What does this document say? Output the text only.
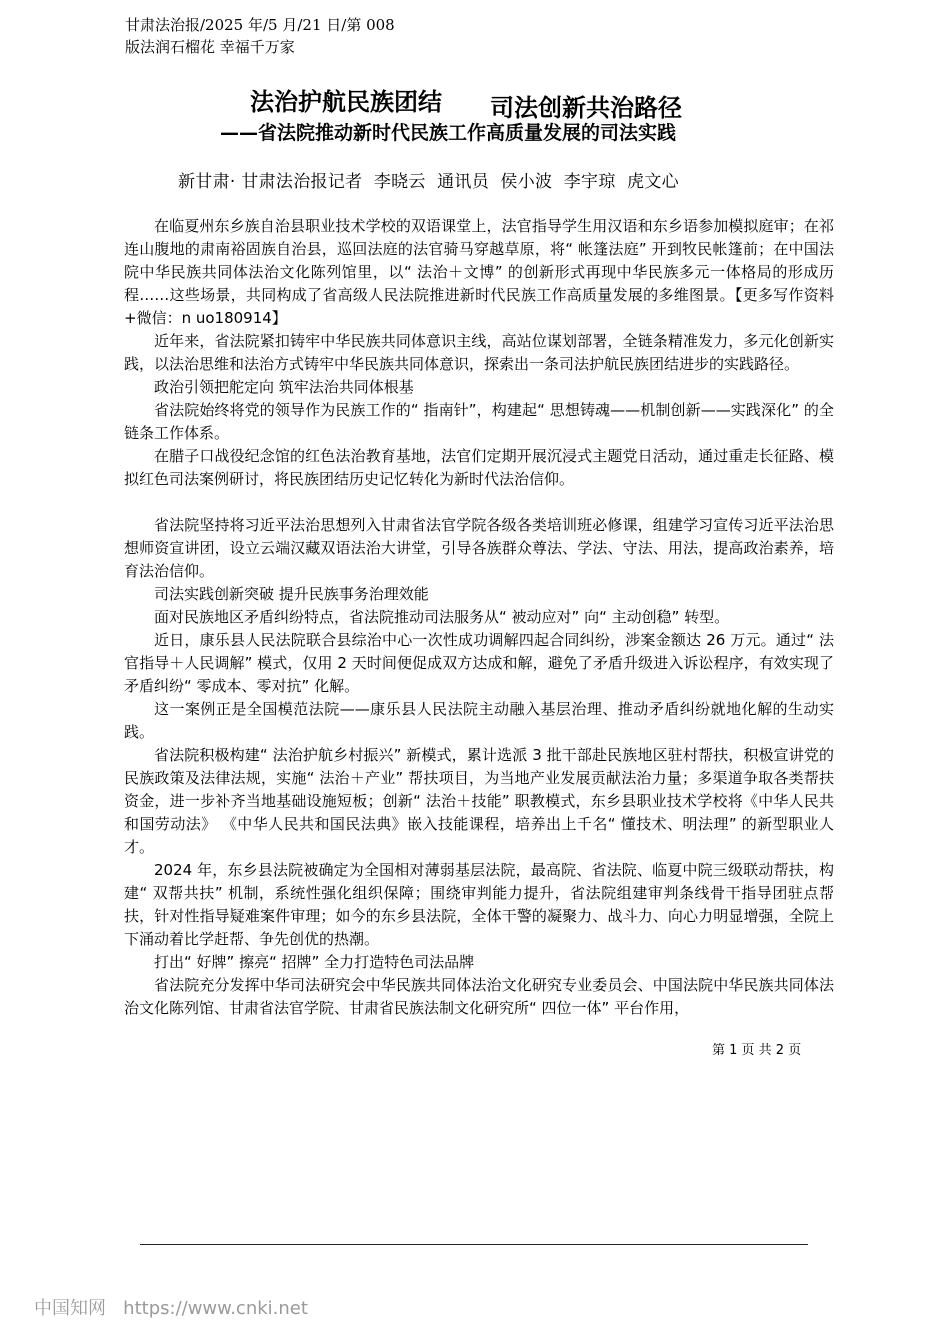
甘肃法治报/2025 年/5 月/21 日/第 008
版法润石榴花 幸福千万家
法治护航民族团结 司法创新共治路径
——省法院推动新时代民族工作高质量发展的司法实践
新甘肃· 甘肃法治报记者  李晓云  通讯员  侯小波  李宇琼  虎文心

在临夏州东乡族自治县职业技术学校的双语课堂上，法官指导学生用汉语和东乡语参加模拟庭审；在祁连山腹地的肃南裕固族自治县，巡回法庭的法官骑马穿越草原，将“ 帐篷法庭” 开到牧民帐篷前；在中国法院中华民族共同体法治文化陈列馆里，以“ 法治＋文博” 的创新形式再现中华民族多元一体格局的形成历程……这些场景，共同构成了省高级人民法院推进新时代民族工作高质量发展的多维图景。【更多写作资料+微信：n uo180914】

近年来，省法院紧扣铸牢中华民族共同体意识主线，高站位谋划部署，全链条精准发力，多元化创新实践，以法治思维和法治方式铸牢中华民族共同体意识，探索出一条司法护航民族团结进步的实践路径。

政治引领把舵定向 筑牢法治共同体根基

省法院始终将党的领导作为民族工作的“ 指南针”，构建起“ 思想铸魂——机制创新——实践深化” 的全链条工作体系。

在腊子口战役纪念馆的红色法治教育基地，法官们定期开展沉浸式主题党日活动，通过重走长征路、模拟红色司法案例研讨，将民族团结历史记忆转化为新时代法治信仰。

省法院坚持将习近平法治思想列入甘肃省法官学院各级各类培训班必修课，组建学习宣传习近平法治思想师资宣讲团，设立云端汉藏双语法治大讲堂，引导各族群众尊法、学法、守法、用法，提高政治素养，培育法治信仰。

司法实践创新突破 提升民族事务治理效能

面对民族地区矛盾纠纷特点，省法院推动司法服务从“ 被动应对” 向“ 主动创稳” 转型。

近日，康乐县人民法院联合县综治中心一次性成功调解四起合同纠纷，涉案金额达 26 万元。通过“ 法官指导＋人民调解” 模式，仅用 2 天时间便促成双方达成和解，避免了矛盾升级进入诉讼程序，有效实现了矛盾纠纷“ 零成本、零对抗” 化解。

这一案例正是全国模范法院——康乐县人民法院主动融入基层治理、推动矛盾纠纷就地化解的生动实践。

省法院积极构建“ 法治护航乡村振兴” 新模式，累计选派 3 批干部赴民族地区驻村帮扶，积极宣讲党的民族政策及法律法规，实施“ 法治＋产业” 帮扶项目，为当地产业发展贡献法治力量；多渠道争取各类帮扶资金，进一步补齐当地基础设施短板；创新“ 法治＋技能” 职教模式，东乡县职业技术学校将《中华人民共和国劳动法》 《中华人民共和国民法典》嵌入技能课程，培养出上千名“ 懂技术、明法理” 的新型职业人才。

2024 年，东乡县法院被确定为全国相对薄弱基层法院，最高院、省法院、临夏中院三级联动帮扶，构建“ 双帮共扶” 机制，系统性强化组织保障；围绕审判能力提升，省法院组建审判条线骨干指导团驻点帮扶，针对性指导疑难案件审理；如今的东乡县法院，全体干警的凝聚力、战斗力、向心力明显增强，全院上下涌动着比学赶帮、争先创优的热潮。

打出“ 好牌” 擦亮“ 招牌” 全力打造特色司法品牌

省法院充分发挥中华司法研究会中华民族共同体法治文化研究专业委员会、中国法院中华民族共同体法治文化陈列馆、甘肃省法官学院、甘肃省民族法制文化研究所“ 四位一体” 平台作用，

第 1 页 共 2 页
中国知网 https://www.cnki.net
